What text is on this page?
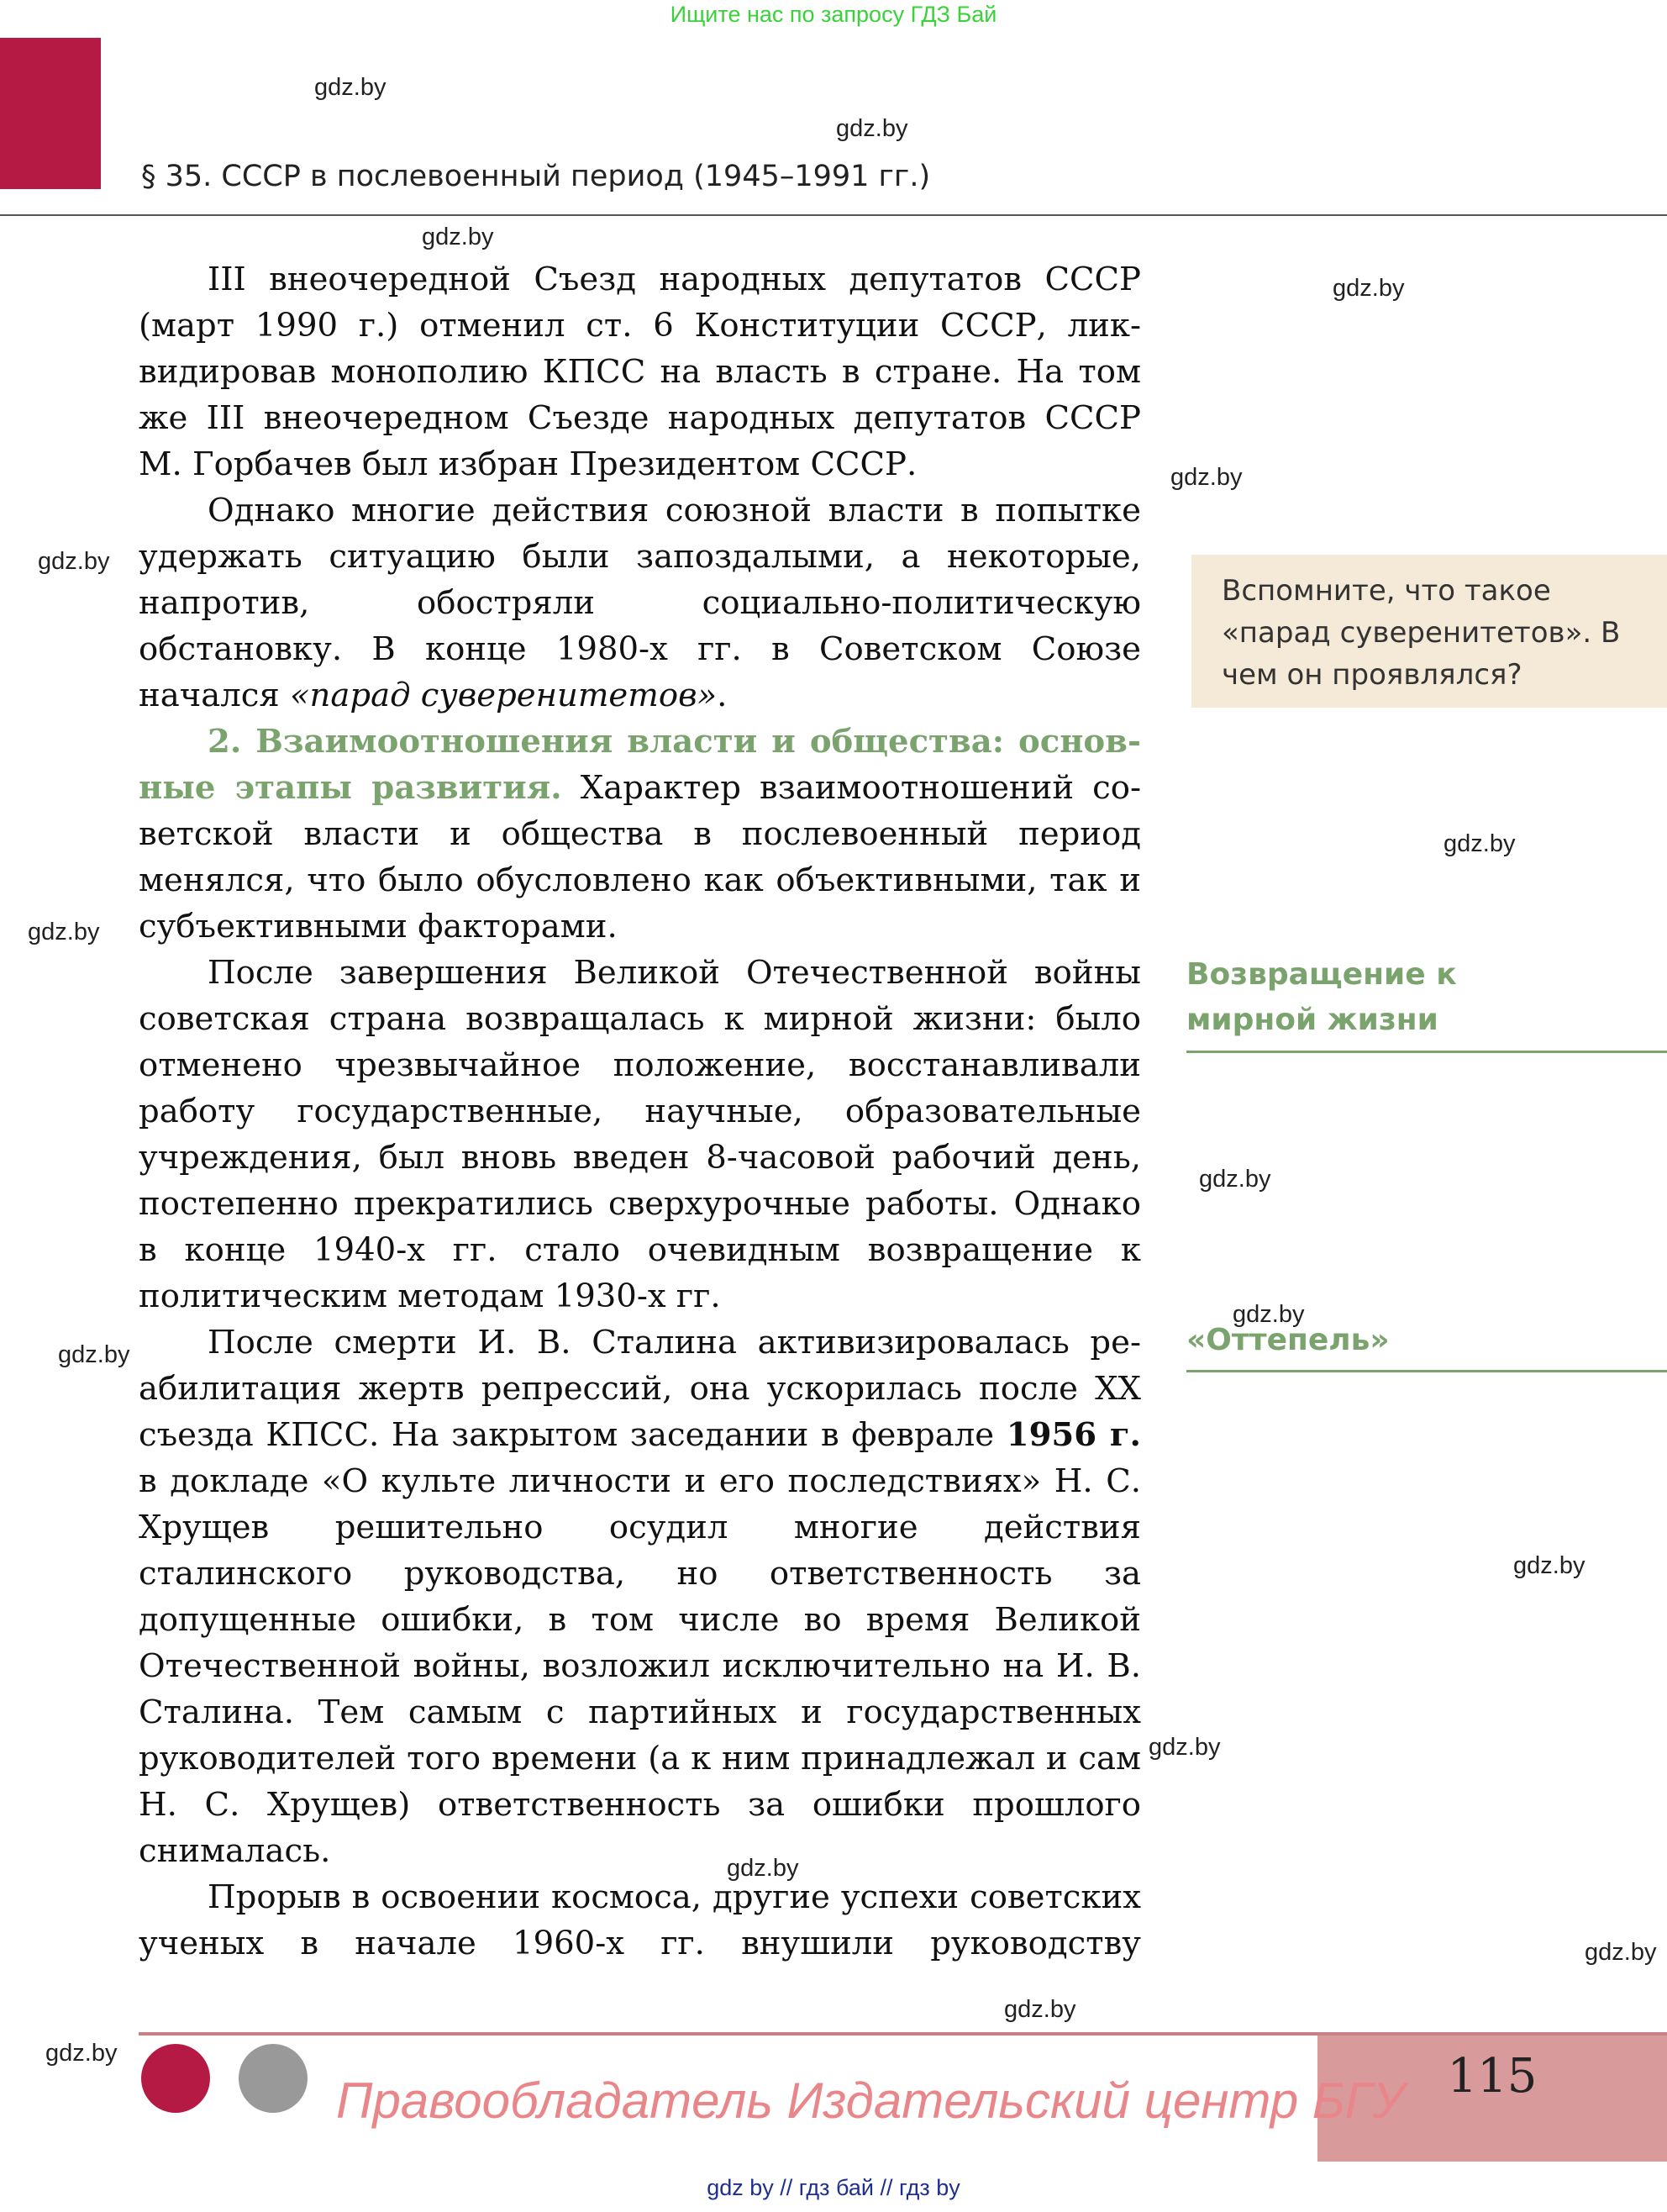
Ищите нас по запросу ГДЗ Бай
§ 35. СССР в послевоенный период (1945–1991 гг.)
gdz.by
gdz.by
gdz.by
gdz.by
gdz.by
gdz.by
gdz.by
gdz.by
gdz.by
gdz.by
gdz.by
gdz.by
gdz.by
gdz.by
gdz.by
gdz.by
gdz.by

III внеочередной Съезд народных депутатов СССР (март 1990 г.) отменил ст. 6 Конституции СССР, ликвидировав монополию КПСС на власть в стране. На том же III внеочередном Съезде народных депутатов СССР М. Горбачев был избран Президентом СССР.

Однако многие действия союзной власти в попытке удержать ситуацию были запоздалыми, а некоторые, напротив, обостряли социально-политическую обстановку. В конце 1980-х гг. в Советском Союзе начался «парад суверенитетов».

2. Взаимоотношения власти и общества: основные этапы развития. Характер взаимоотношений советской власти и общества в послевоенный период менялся, что было обусловлено как объективными, так и субъективными факторами.

После завершения Великой Отечественной войны советская страна возвращалась к мирной жизни: было отменено чрезвычайное положение, восстанавливали работу государственные, научные, образовательные учреждения, был вновь введен 8-часовой рабочий день, постепенно прекратились сверхурочные работы. Однако в конце 1940-х гг. стало очевидным возвращение к политическим методам 1930-х гг.

После смерти И. В. Сталина активизировалась реабилитация жертв репрессий, она ускорилась после XX съезда КПСС. На закрытом заседании в феврале 1956 г. в докладе «О культе личности и его последствиях» Н. С. Хрущев решительно осудил многие действия сталинского руководства, но ответственность за допущенные ошибки, в том числе во время Великой Отечественной войны, возложил исключительно на И. В. Сталина. Тем самым с партийных и государственных руководителей того времени (а к ним принадлежал и сам Н. С. Хрущев) ответственность за ошибки прошлого снималась.

Прорыв в освоении космоса, другие успехи советских ученых в начале 1960-х гг. внушили руководству

Вспомните, что такое «парад суверенитетов». В чем он проявлялся?
Возвращение к мирной жизни
«Оттепель»
Правообладатель Издательский центр БГУ 115
gdz by // гдз бай // гдз by
